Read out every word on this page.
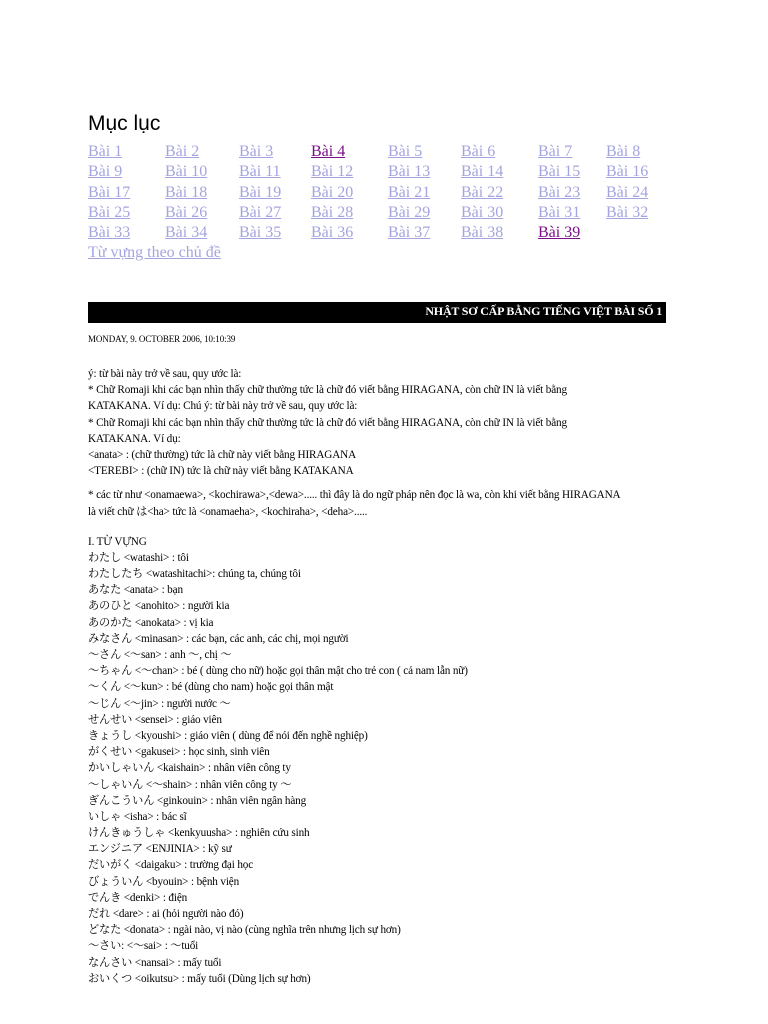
Mục lục
Bài 1	Bài 2 Bài 3 Bài 4	Bài 5 Bài 6	Bài 7 Bài 8
Bài 9	Bài 10 Bài 11 Bài 12 Bài 13 Bài 14 Bài 15 Bài 16
Bài 17 Bài 18 Bài 19 Bài 20 Bài 21 Bài 22 Bài 23 Bài 24
Bài 25 Bài 26 Bài 27 Bài 28 Bài 29 Bài 30 Bài 31 Bài 32
Bài 33 Bài 34 Bài 35 Bài 36 Bài 37 Bài 38 Bài 39
Từ vựng theo chủ đề
NHẬT SƠ CẤP BẰNG TIẾNG VIỆT BÀI SỐ 1
MONDAY, 9. OCTOBER 2006, 10:10:39
ý: từ bài này trở về sau, quy ước là:
* Chữ Romaji khi các bạn nhìn thấy chữ thường tức là chữ đó viết bằng HIRAGANA, còn chữ IN là viết bằng
KATAKANA. Ví dụ: Chú ý: từ bài này trở về sau, quy ước là:
* Chữ Romaji khi các bạn nhìn thấy chữ thường tức là chữ đó viết bằng HIRAGANA, còn chữ IN là viết bằng
KATAKANA. Ví dụ:
<anata> : (chữ thường) tức là chữ này viết bằng HIRAGANA
<TEREBI> : (chữ IN) tức là chữ này viết bằng KATAKANA
* các từ như <onamaewa>, <kochirawa>,<dewa>..... thì đây là do ngữ pháp nên đọc là wa, còn khi viết bằng HIRAGANA
là viết chữ は<ha> tức là <onamaeha>, <kochiraha>, <deha>.....
I. TỪ VỰNG
わたし <watashi> : tôi
わたしたち <watashitachi>: chúng ta, chúng tôi
あなた <anata> : bạn
あのひと <anohito> : người kia
あのかた <anokata> : vị kia
みなさん <minasan> : các bạn, các anh, các chị, mọi người
～さん <～san> : anh ～, chị ～
～ちゃん <～chan> : bé ( dùng cho nữ) hoặc gọi thân mật cho trẻ con ( cả nam lẫn nữ)
～くん <～kun> : bé (dùng cho nam) hoặc gọi thân mật
～じん <～jin> : người nước ～
せんせい <sensei> : giáo viên
きょうし <kyoushi> : giáo viên ( dùng để nói đến nghề nghiệp)
がくせい <gakusei> : học sinh, sinh viên
かいしゃいん <kaishain> : nhân viên công ty
～しゃいん <～shain> : nhân viên công ty ～
ぎんこういん <ginkouin> : nhân viên ngân hàng
いしゃ <isha> : bác sĩ
けんきゅうしゃ <kenkyuusha> : nghiên cứu sinh
エンジニア <ENJINIA> : kỹ sư
だいがく <daigaku> : trường đại học
びょういん <byouin> : bệnh viện
でんき <denki> : điện
だれ <dare> : ai (hỏi người nào đó)
どなた <donata> : ngài nào, vị nào (cùng nghĩa trên nhưng lịch sự hơn)
～さい: <～sai> : ～tuổi
なんさい <nansai> : mấy tuổi
おいくつ <oikutsu> : mấy tuổi (Dùng lịch sự hơn)
